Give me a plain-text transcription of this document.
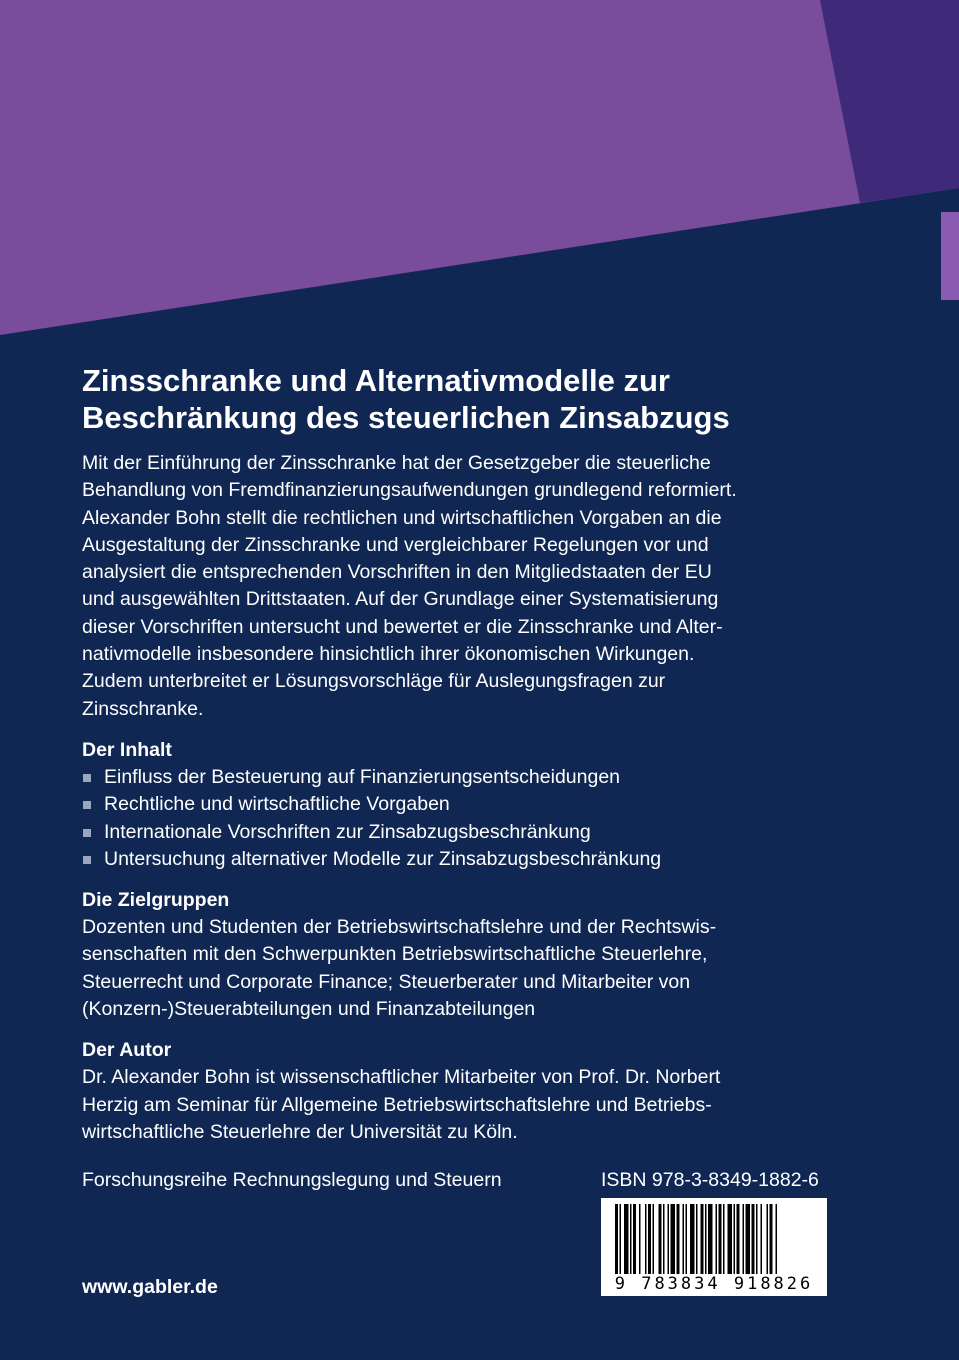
Zinsschranke und Alternativmodelle zur
Beschränkung des steuerlichen Zinsabzugs

Mit der Einführung der Zinsschranke hat der Gesetzgeber die steuerliche
Behandlung von Fremdfinanzierungsaufwendungen grundlegend reformiert.
Alexander Bohn stellt die rechtlichen und wirtschaftlichen Vorgaben an die
Ausgestaltung der Zinsschranke und vergleichbarer Regelungen vor und
analysiert die entsprechenden Vorschriften in den Mitgliedstaaten der EU
und ausgewählten Drittstaaten. Auf der Grundlage einer Systematisierung
dieser Vorschriften untersucht und bewertet er die Zinsschranke und Alter-
nativmodelle insbesondere hinsichtlich ihrer ökonomischen Wirkungen.
Zudem unterbreitet er Lösungsvorschläge für Auslegungsfragen zur
Zinsschranke.

Der Inhalt
Einfluss der Besteuerung auf Finanzierungsentscheidungen
Rechtliche und wirtschaftliche Vorgaben
Internationale Vorschriften zur Zinsabzugsbeschränkung
Untersuchung alternativer Modelle zur Zinsabzugsbeschränkung
Die Zielgruppen

Dozenten und Studenten der Betriebswirtschaftslehre und der Rechtswis-
senschaften mit den Schwerpunkten Betriebswirtschaftliche Steuerlehre,
Steuerrecht und Corporate Finance; Steuerberater und Mitarbeiter von
(Konzern-)Steuerabteilungen und Finanzabteilungen

Der Autor

Dr. Alexander Bohn ist wissenschaftlicher Mitarbeiter von Prof. Dr. Norbert
Herzig am Seminar für Allgemeine Betriebswirtschaftslehre und Betriebs-
wirtschaftliche Steuerlehre der Universität zu Köln.

Forschungsreihe Rechnungslegung und Steuern	ISBN 978-3-8349-1882-6
9 783834 918826
www.gabler.de
